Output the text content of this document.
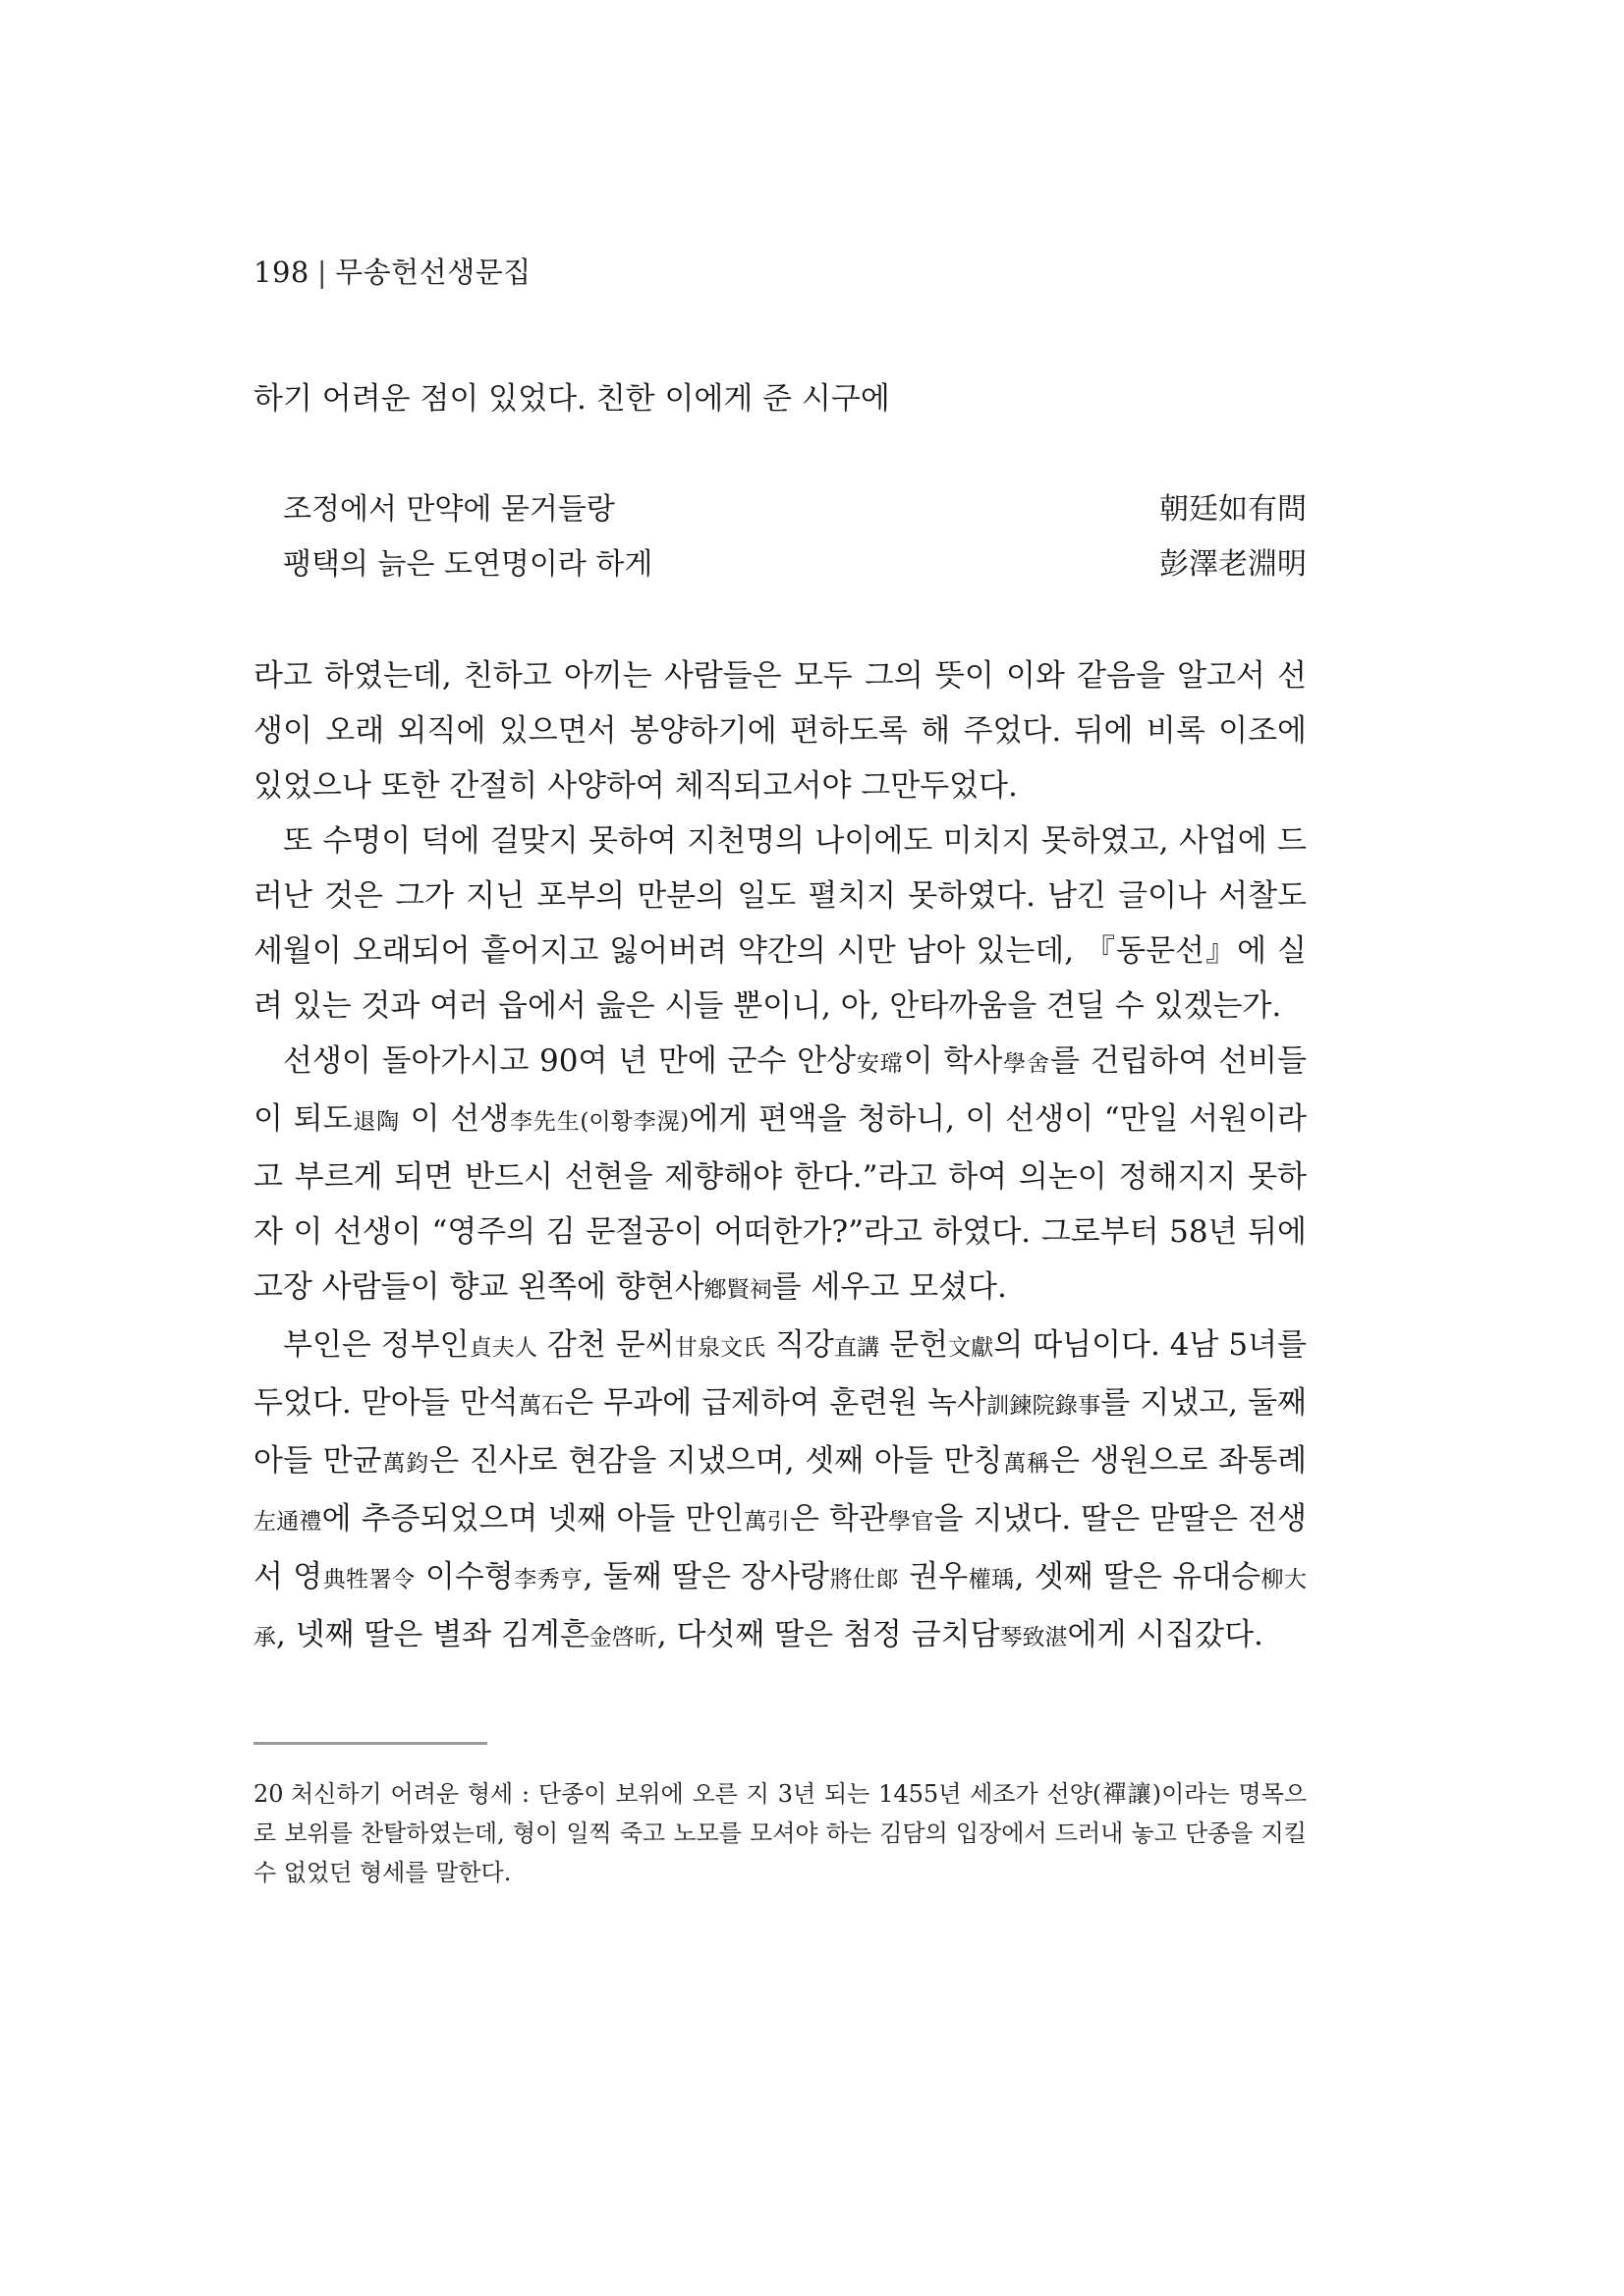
198 | 무송헌선생문집
하기 어려운 점이 있었다. 친한 이에게 준 시구에
조정에서 만약에 묻거들랑	朝廷如有問
팽택의 늙은 도연명이라 하게	彭澤老淵明

라고 하였는데, 친하고 아끼는 사람들은 모두 그의 뜻이 이와 같음을 알고서 선생이 오래 외직에 있으면서 봉양하기에 편하도록 해 주었다. 뒤에 비록 이조에 있었으나 또한 간절히 사양하여 체직되고서야 그만두었다.

또 수명이 덕에 걸맞지 못하여 지천명의 나이에도 미치지 못하였고, 사업에 드러난 것은 그가 지닌 포부의 만분의 일도 펼치지 못하였다. 남긴 글이나 서찰도 세월이 오래되어 흩어지고 잃어버려 약간의 시만 남아 있는데, 『동문선』에 실려 있는 것과 여러 읍에서 읊은 시들 뿐이니, 아, 안타까움을 견딜 수 있겠는가.

선생이 돌아가시고 90여 년 만에 군수 안상安瑺이 학사學舍를 건립하여 선비들이 퇴도退陶 이 선생李先生(이황李滉)에게 편액을 청하니, 이 선생이 “만일 서원이라고 부르게 되면 반드시 선현을 제향해야 한다.”라고 하여 의논이 정해지지 못하자 이 선생이 “영주의 김 문절공이 어떠한가?”라고 하였다. 그로부터 58년 뒤에 고장 사람들이 향교 왼쪽에 향현사鄕賢祠를 세우고 모셨다.

부인은 정부인貞夫人 감천 문씨甘泉文氏 직강直講 문헌文獻의 따님이다. 4남 5녀를 두었다. 맏아들 만석萬石은 무과에 급제하여 훈련원 녹사訓鍊院錄事를 지냈고, 둘째 아들 만균萬鈞은 진사로 현감을 지냈으며, 셋째 아들 만칭萬稱은 생원으로 좌통례左通禮에 추증되었으며 넷째 아들 만인萬引은 학관學官을 지냈다. 딸은 맏딸은 전생서 영典牲署令 이수형李秀亨, 둘째 딸은 장사랑將仕郞 권우權瑀, 셋째 딸은 유대승柳大承, 넷째 딸은 별좌 김계흔金啓昕, 다섯째 딸은 첨정 금치담琴致湛에게 시집갔다.

20 처신하기 어려운 형세 : 단종이 보위에 오른 지 3년 되는 1455년 세조가 선양(禪讓)이라는 명목으로 보위를 찬탈하였는데, 형이 일찍 죽고 노모를 모셔야 하는 김담의 입장에서 드러내 놓고 단종을 지킬 수 없었던 형세를 말한다.
